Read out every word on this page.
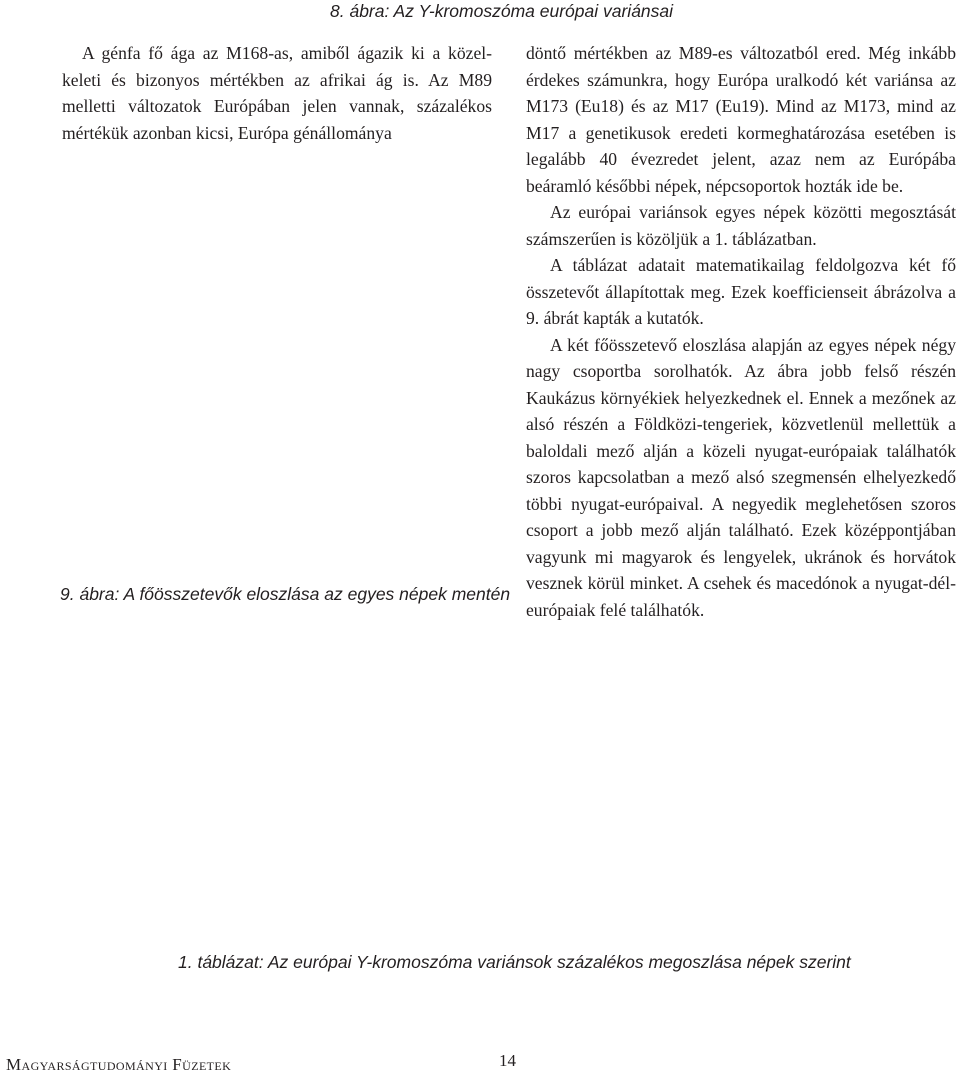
8. ábra: Az Y-kromoszóma európai variánsai

A génfa fő ága az M168-as, amiből ágazik ki a közel-keleti és bizonyos mértékben az afrikai ág is. Az M89 melletti változatok Európában jelen vannak, százalékos mértékük azonban kicsi, Európa génállománya

9. ábra: A főösszetevők eloszlása az egyes népek mentén

döntő mértékben az M89-es változatból ered. Még inkább érdekes számunkra, hogy Európa uralkodó két variánsa az M173 (Eu18) és az M17 (Eu19). Mind az M173, mind az M17 a genetikusok eredeti kormeghatározása esetében is legalább 40 évezredet jelent, azaz nem az Európába beáramló későbbi népek, népcsoportok hozták ide be.

Az európai variánsok egyes népek közötti megosztását számszerűen is közöljük a 1. táblázatban.

A táblázat adatait matematikailag feldolgozva két fő összetevőt állapítottak meg. Ezek koefficienseit ábrázolva a 9. ábrát kapták a kutatók.

A két főösszetevő eloszlása alapján az egyes népek négy nagy csoportba sorolhatók. Az ábra jobb felső részén Kaukázus környékiek helyezkednek el. Ennek a mezőnek az alsó részén a Földközi-tengeriek, közvetlenül mellettük a baloldali mező alján a közeli nyugat-európaiak találhatók szoros kapcsolatban a mező alsó szegmensén elhelyezkedő többi nyugat-európaival. A negyedik meglehetősen szoros csoport a jobb mező alján található. Ezek középpontjában vagyunk mi magyarok és lengyelek, ukránok és horvátok vesznek körül minket. A csehek és macedónok a nyugat-dél-európaiak felé találhatók.

1. táblázat: Az európai Y-kromoszóma variánsok százalékos megoszlása népek szerint
Magyarságtudományi Füzetek	14
